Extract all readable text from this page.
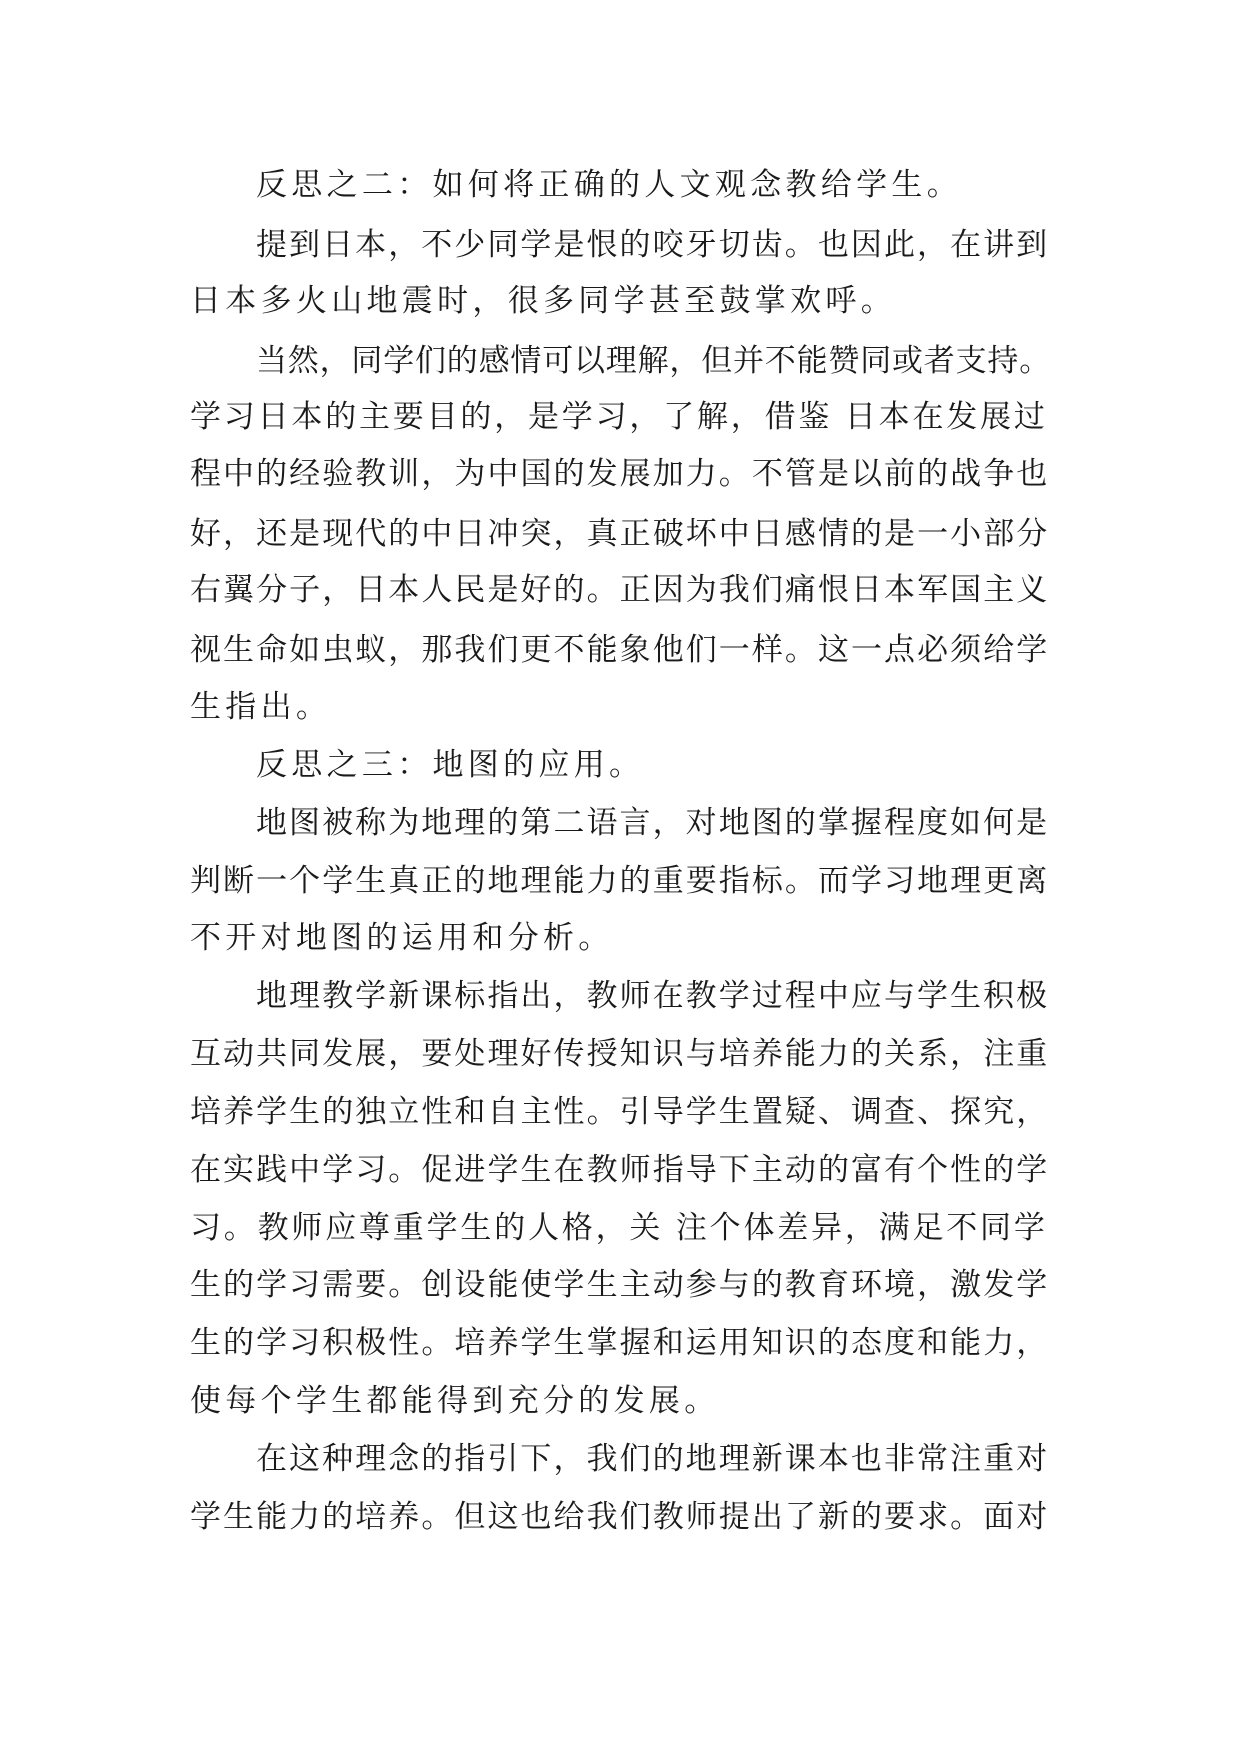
反思之二：如何将正确的人文观念教给学生。
提到日本，不少同学是恨的咬牙切齿。也因此，在讲到
日本多火山地震时，很多同学甚至鼓掌欢呼。
当然，同学们的感情可以理解，但并不能赞同或者支持。
学习日本的主要目的，是学习，了解，借鉴 日本在发展过
程中的经验教训，为中国的发展加力。不管是以前的战争也
好，还是现代的中日冲突，真正破坏中日感情的是一小部分
右翼分子，日本人民是好的。正因为我们痛恨日本军国主义
视生命如虫蚁，那我们更不能象他们一样。这一点必须给学
生指出。
反思之三：地图的应用。
地图被称为地理的第二语言，对地图的掌握程度如何是
判断一个学生真正的地理能力的重要指标。而学习地理更离
不开对地图的运用和分析。
地理教学新课标指出，教师在教学过程中应与学生积极
互动共同发展，要处理好传授知识与培养能力的关系，注重
培养学生的独立性和自主性。引导学生置疑、调查、探究，
在实践中学习。促进学生在教师指导下主动的富有个性的学
习。教师应尊重学生的人格，关 注个体差异，满足不同学
生的学习需要。创设能使学生主动参与的教育环境，激发学
生的学习积极性。培养学生掌握和运用知识的态度和能力，
使每个学生都能得到充分的发展。
在这种理念的指引下，我们的地理新课本也非常注重对
学生能力的培养。但这也给我们教师提出了新的要求。面对
